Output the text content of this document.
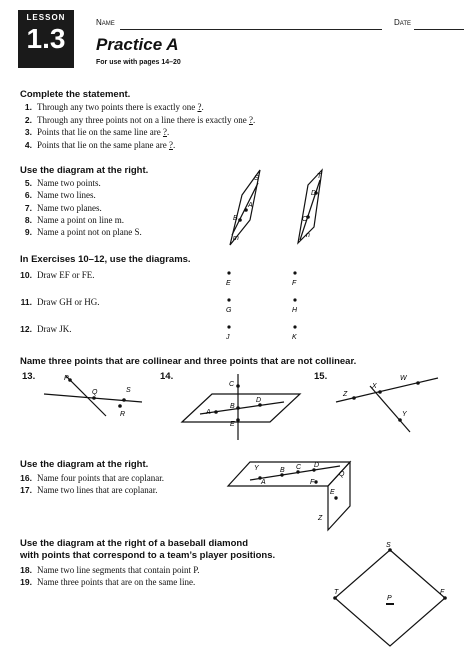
LESSON
1.3
Name	Date
Practice A
For use with pages 14–20
Complete the statement.
1. Through any two points there is exactly one ?.
2. Through any three points not on a line there is exactly one ?.
3. Points that lie on the same line are ?.
4. Points that lie on the same plane are ?.
Use the diagram at the right.
5. Name two points.
6. Name two lines.
7. Name two planes.
8. Name a point on line m.
9. Name a point not on plane S.
S
A
B
m
T
D
C
n
In Exercises 10–12, use the diagrams.
10. Draw EF or FE.
11. Draw GH or HG.
12. Draw JK.
E	F
G	H
J	K
Name three points that are collinear and three points that are not collinear.
13.	14.	15.
P
Q	S
R
C
A
B
D
E
Z
X
W
Y
Use the diagram at the right.
16. Name four points that are coplanar.
17. Name two lines that are coplanar.
Y
A
B C D
Q
F
E
Z
Use the diagram at the right of a baseball diamond
with points that correspond to a team’s player positions.
18. Name two line segments that contain point P.
19. Name three points that are on the same line.
S
T
P
F
